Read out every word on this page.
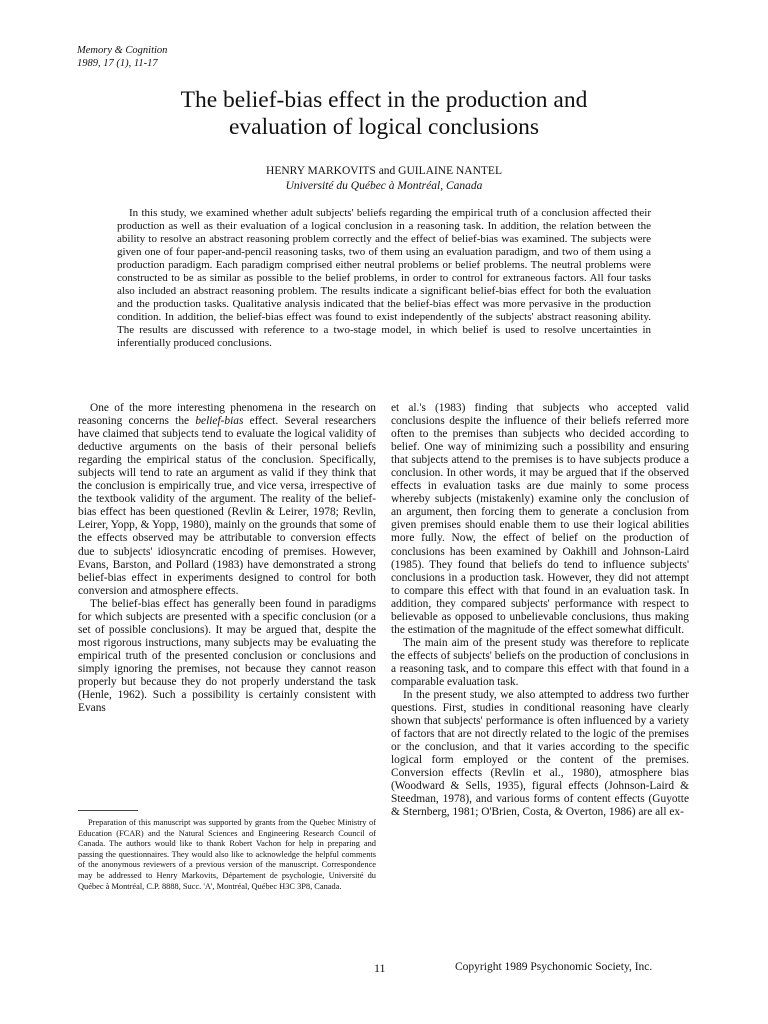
Memory & Cognition
1989, 17 (1), 11-17
The belief-bias effect in the production and
evaluation of logical conclusions
HENRY MARKOVITS and GUILAINE NANTEL
Université du Québec à Montréal, Canada

In this study, we examined whether adult subjects' beliefs regarding the empirical truth of a conclusion affected their production as well as their evaluation of a logical conclusion in a reasoning task. In addition, the relation between the ability to resolve an abstract reasoning problem correctly and the effect of belief-bias was examined. The subjects were given one of four paper-and-pencil reasoning tasks, two of them using an evaluation paradigm, and two of them using a production paradigm. Each paradigm comprised either neutral problems or belief problems. The neutral problems were constructed to be as similar as possible to the belief problems, in order to control for extraneous factors. All four tasks also included an abstract reasoning problem. The results indicate a significant belief-bias effect for both the evaluation and the production tasks. Qualitative analysis indicated that the belief-bias effect was more pervasive in the production condition. In addition, the belief-bias effect was found to exist independently of the subjects' abstract reasoning ability. The results are discussed with reference to a two-stage model, in which belief is used to resolve uncertainties in inferentially produced conclusions.

One of the more interesting phenomena in the research on reasoning concerns the belief-bias effect. Several researchers have claimed that subjects tend to evaluate the logical validity of deductive arguments on the basis of their personal beliefs regarding the empirical status of the conclusion. Specifically, subjects will tend to rate an argument as valid if they think that the conclusion is empirically true, and vice versa, irrespective of the textbook validity of the argument. The reality of the belief-bias effect has been questioned (Revlin & Leirer, 1978; Revlin, Leirer, Yopp, & Yopp, 1980), mainly on the grounds that some of the effects observed may be attributable to conversion effects due to subjects' idiosyncratic encoding of premises. However, Evans, Barston, and Pollard (1983) have demonstrated a strong belief-bias effect in experiments designed to control for both conversion and atmosphere effects.

The belief-bias effect has generally been found in paradigms for which subjects are presented with a specific conclusion (or a set of possible conclusions). It may be argued that, despite the most rigorous instructions, many subjects may be evaluating the empirical truth of the presented conclusion or conclusions and simply ignoring the premises, not because they cannot reason properly but because they do not properly understand the task (Henle, 1962). Such a possibility is certainly consistent with Evans

Preparation of this manuscript was supported by grants from the Quebec Ministry of Education (FCAR) and the Natural Sciences and Engineering Research Council of Canada. The authors would like to thank Robert Vachon for help in preparing and passing the questionnaires. They would also like to acknowledge the helpful comments of the anonymous reviewers of a previous version of the manuscript. Correspondence may be addressed to Henry Markovits, Département de psychologie, Université du Québec à Montréal, C.P. 8888, Succ. 'A', Montréal, Québec H3C 3P8, Canada.

et al.'s (1983) finding that subjects who accepted valid conclusions despite the influence of their beliefs referred more often to the premises than subjects who decided according to belief. One way of minimizing such a possibility and ensuring that subjects attend to the premises is to have subjects produce a conclusion. In other words, it may be argued that if the observed effects in evaluation tasks are due mainly to some process whereby subjects (mistakenly) examine only the conclusion of an argument, then forcing them to generate a conclusion from given premises should enable them to use their logical abilities more fully. Now, the effect of belief on the production of conclusions has been examined by Oakhill and Johnson-Laird (1985). They found that beliefs do tend to influence subjects' conclusions in a production task. However, they did not attempt to compare this effect with that found in an evaluation task. In addition, they compared subjects' performance with respect to believable as opposed to unbelievable conclusions, thus making the estimation of the magnitude of the effect somewhat difficult.

The main aim of the present study was therefore to replicate the effects of subjects' beliefs on the production of conclusions in a reasoning task, and to compare this effect with that found in a comparable evaluation task.

In the present study, we also attempted to address two further questions. First, studies in conditional reasoning have clearly shown that subjects' performance is often influenced by a variety of factors that are not directly related to the logic of the premises or the conclusion, and that it varies according to the specific logical form employed or the content of the premises. Conversion effects (Revlin et al., 1980), atmosphere bias (Woodward & Sells, 1935), figural effects (Johnson-Laird & Steedman, 1978), and various forms of content effects (Guyotte & Sternberg, 1981; O'Brien, Costa, & Overton, 1986) are all ex-

11	Copyright 1989 Psychonomic Society, Inc.
